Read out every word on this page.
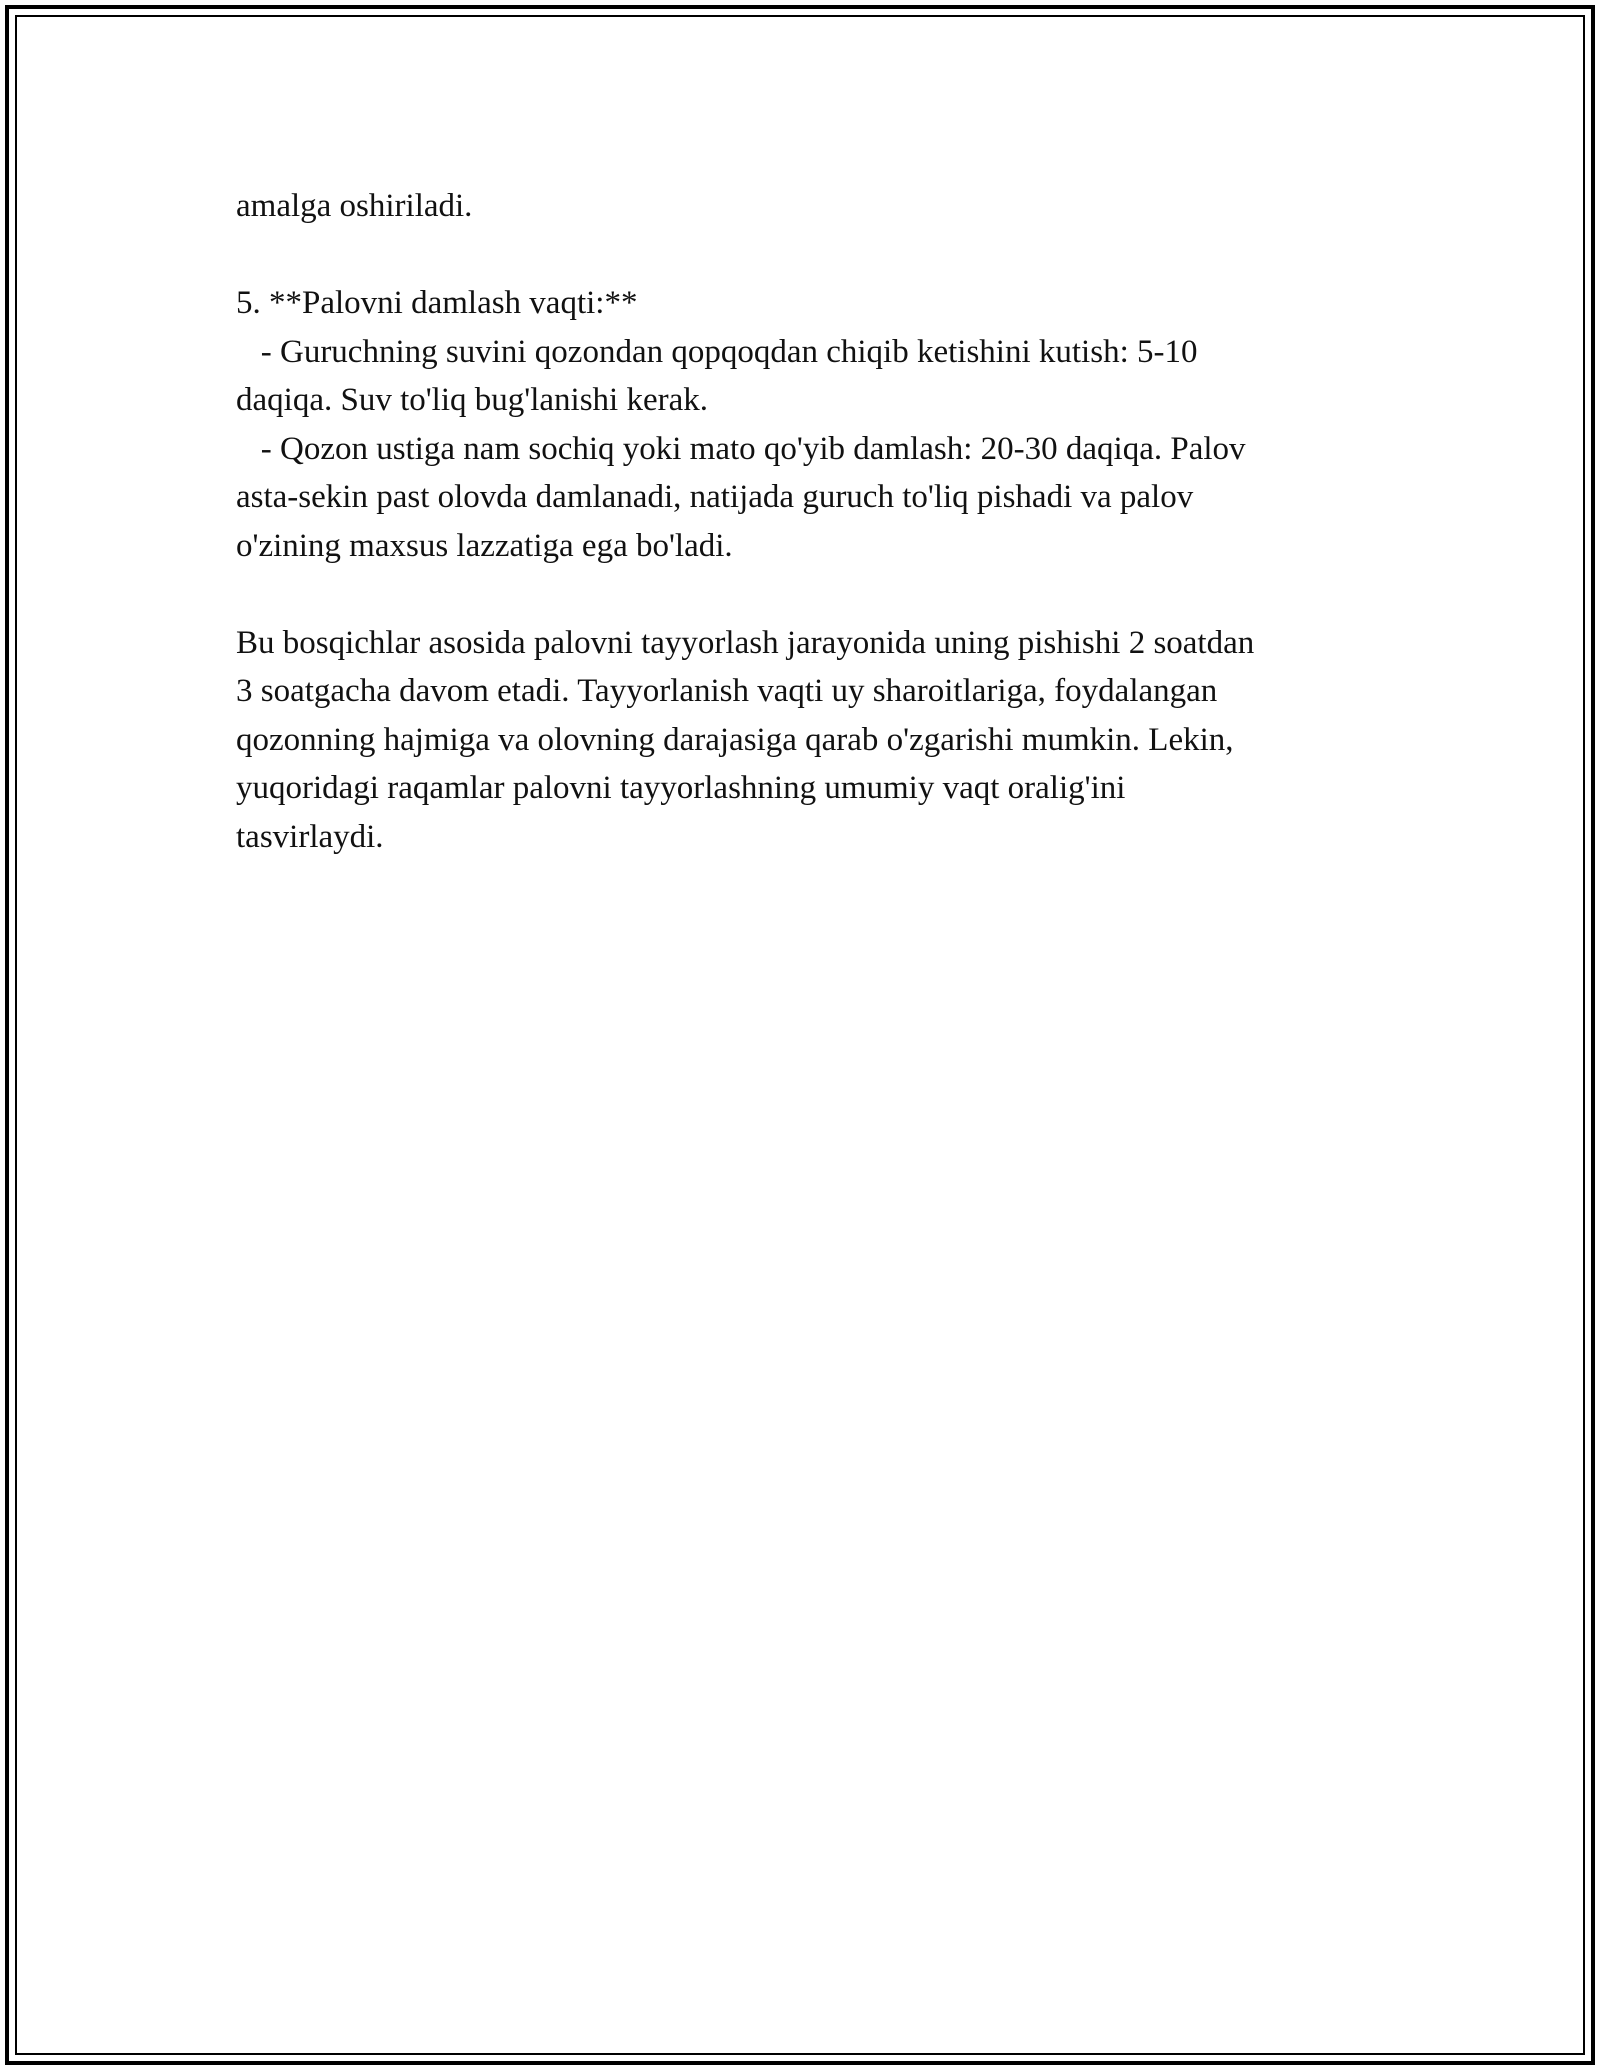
amalga oshiriladi.
5. **Palovni damlash vaqti:**
- Guruchning suvini qozondan qopqoqdan chiqib ketishini kutish: 5-10
daqiqa. Suv to'liq bug'lanishi kerak.
- Qozon ustiga nam sochiq yoki mato qo'yib damlash: 20-30 daqiqa. Palov
asta-sekin past olovda damlanadi, natijada guruch to'liq pishadi va palov
o'zining maxsus lazzatiga ega bo'ladi.
Bu bosqichlar asosida palovni tayyorlash jarayonida uning pishishi 2 soatdan
3 soatgacha davom etadi. Tayyorlanish vaqti uy sharoitlariga, foydalangan
qozonning hajmiga va olovning darajasiga qarab o'zgarishi mumkin. Lekin,
yuqoridagi raqamlar palovni tayyorlashning umumiy vaqt oralig'ini
tasvirlaydi.
